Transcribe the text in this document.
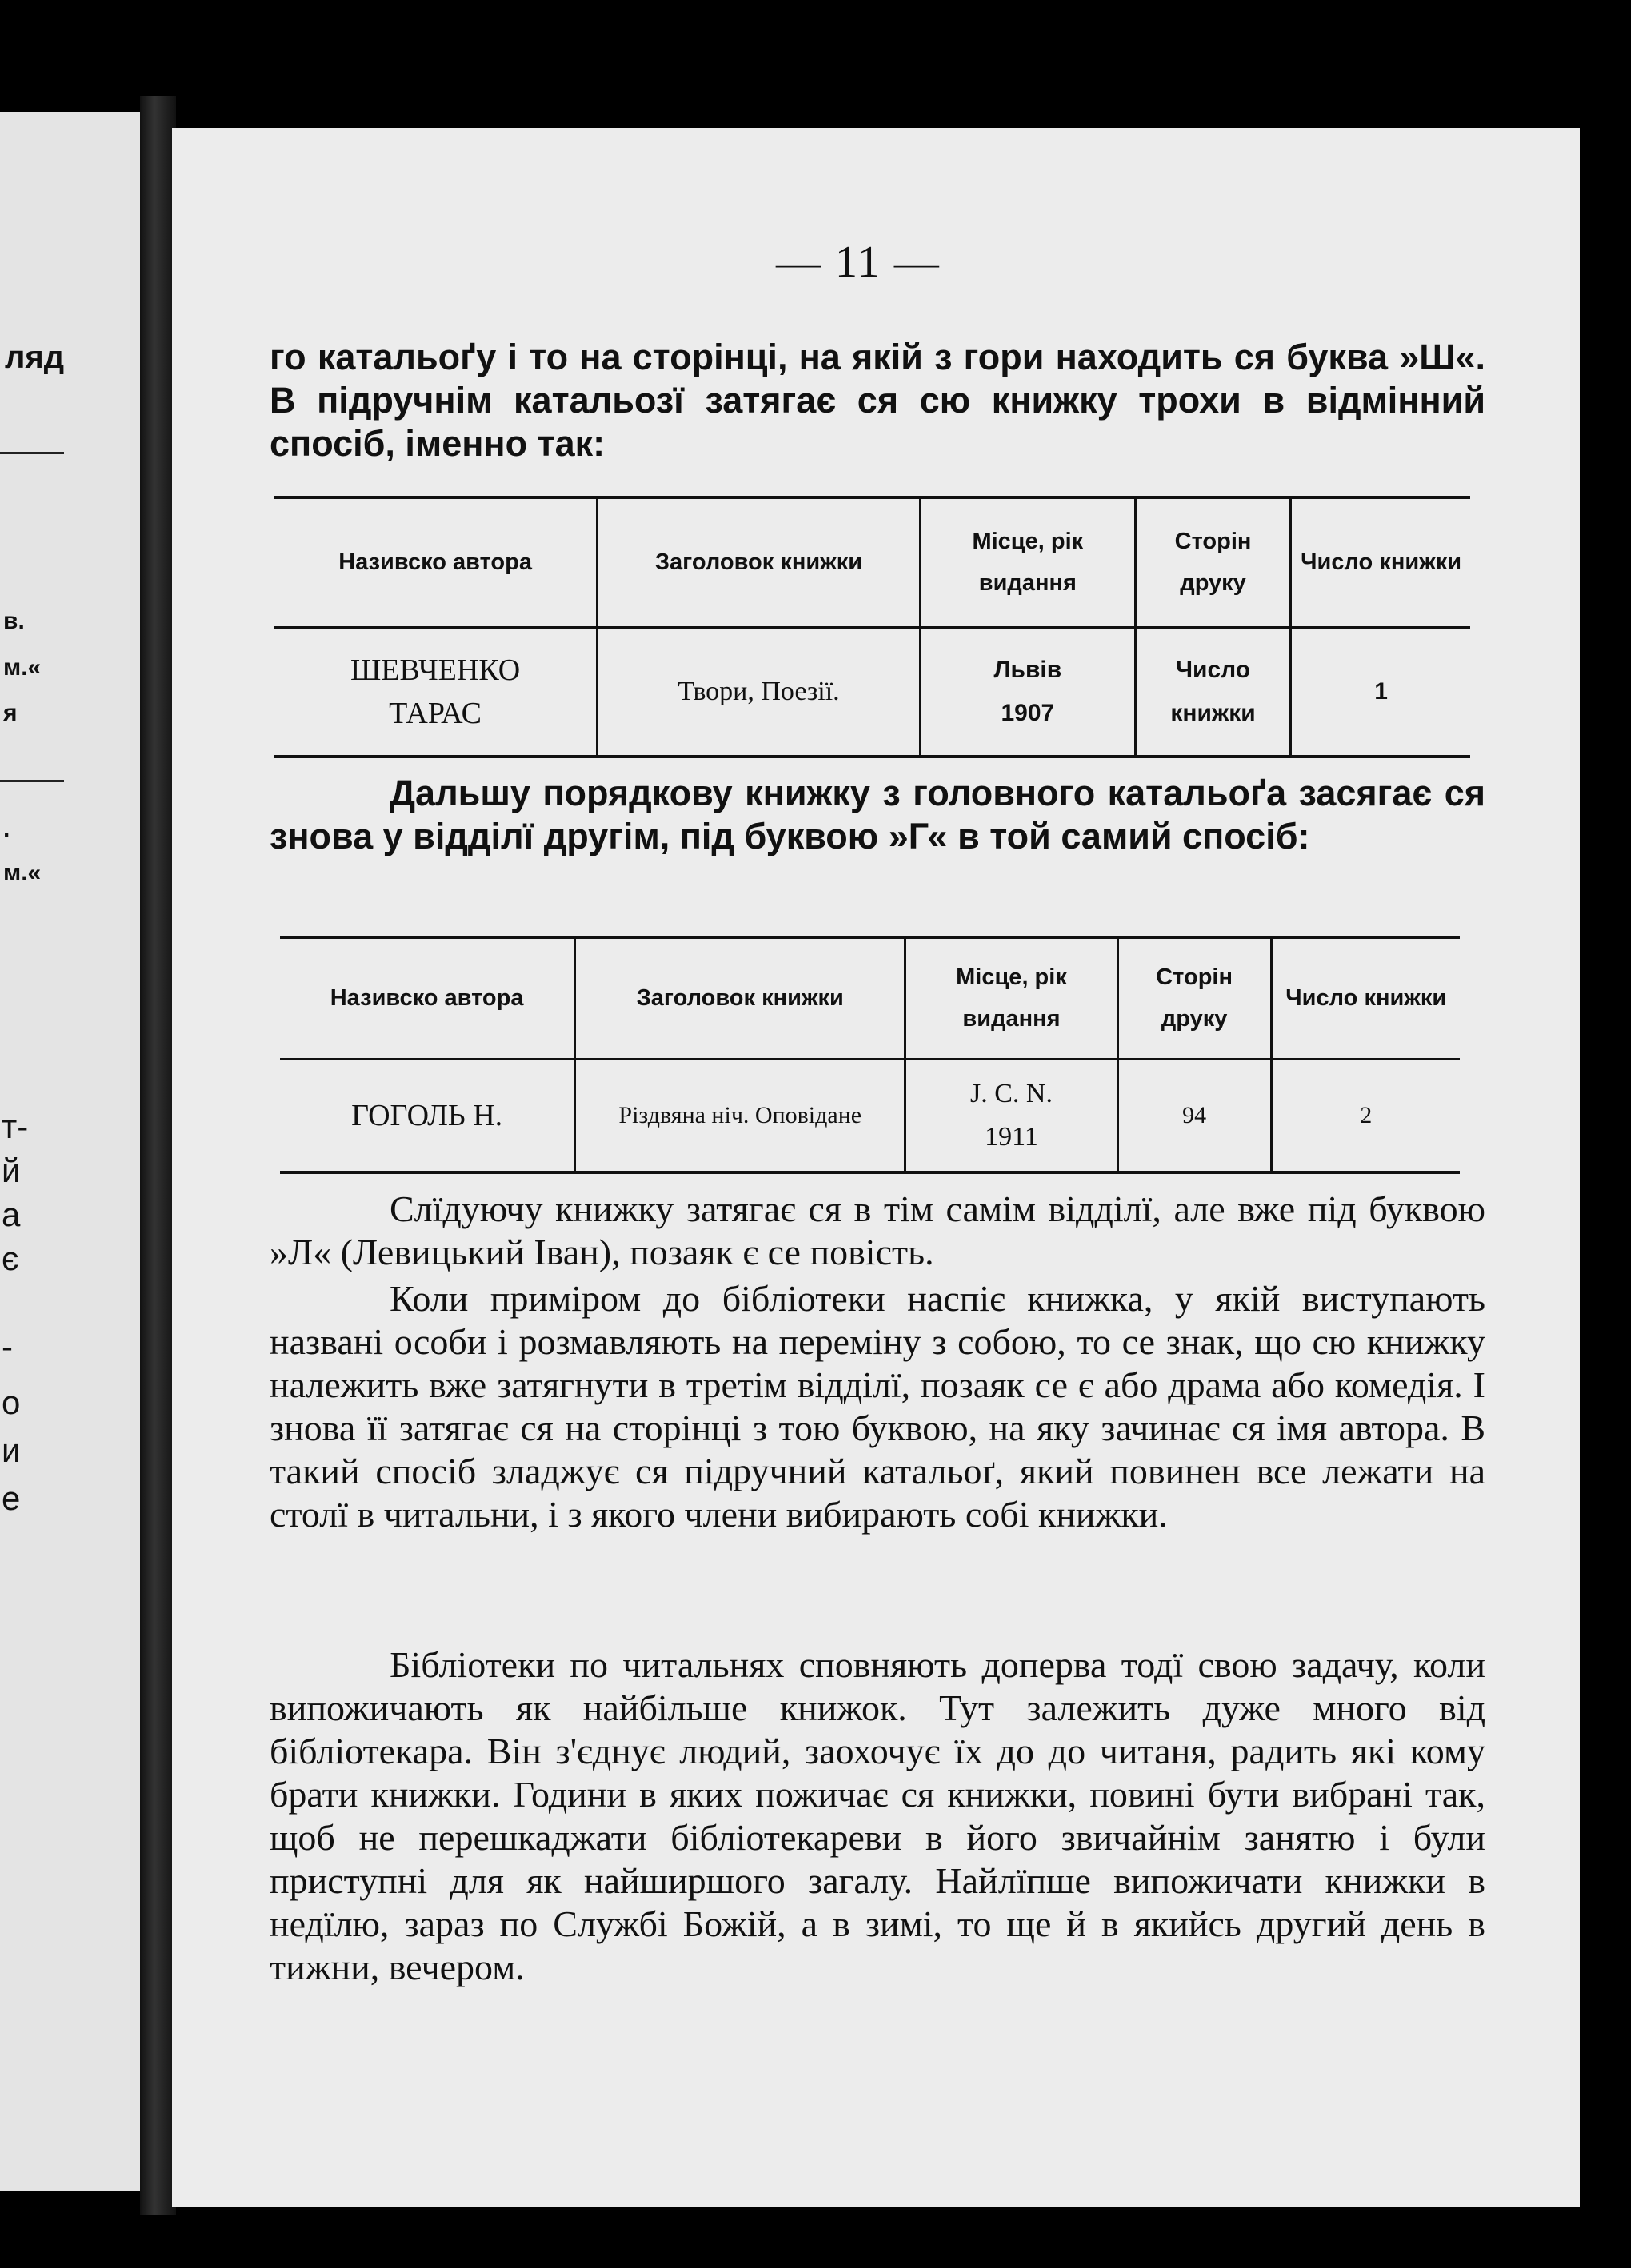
ляд
в.
м.«
я
.
м.«
т-
й
а
є
-
о
и
е
— 11 —

го катальоґу і то на сторінці, на якій з гори находить ся буква »Ш«. В підручнім катальозї затягає ся сю книжку трохи в відмінний спосіб, іменно так:

Називско автора	Заголовок книжки	Місце, рік видання	Сторін друку	Число книжки
ШЕВЧЕНКО ТАРАС	Твори, Поезії.	Львів 1907	Число книжки	1

Дальшу порядкову книжку з головного катальоґа засягає ся знова у відділї другім, під буквою »Г« в той самий спосіб:

Називско автора	Заголовок книжки	Місце, рік видання	Сторін друку	Число книжки
ГОГОЛЬ Н.	Різдвяна ніч. Оповідане	J. C. N. 1911	94	2

Слїдуючу книжку затягає ся в тім самім відділї, але вже під буквою »Л« (Левицький Іван), позаяк є се повість.

Коли приміром до бібліотеки наспіє книжка, у якій виступають названі особи і розмавляють на переміну з собою, то се знак, що сю книжку належить вже затягнути в третім відділї, позаяк се є або драма або комедія. І знова її затягає ся на сторінці з тою буквою, на яку зачинає ся імя автора. В такий спосіб зладжує ся підручний катальоґ, який повинен все лежати на столї в читальни, і з якого члени вибирають собі книжки.

Бібліотеки по читальнях сповняють доперва тодї свою задачу, коли випожичають як найбільше книжок. Тут залежить дуже много від бібліотекара. Він з'єднує людий, заохочує їх до до читаня, радить які кому брати книжки. Години в яких пожичає ся книжки, повині бути вибрані так, щоб не перешкаджати бібліотекареви в його звичайнім занятю і були приступні для як найширшого загалу. Найлїпше випожичати книжки в недїлю, зараз по Службі Божій, а в зимі, то ще й в якийсь другий день в тижни, вечером.
